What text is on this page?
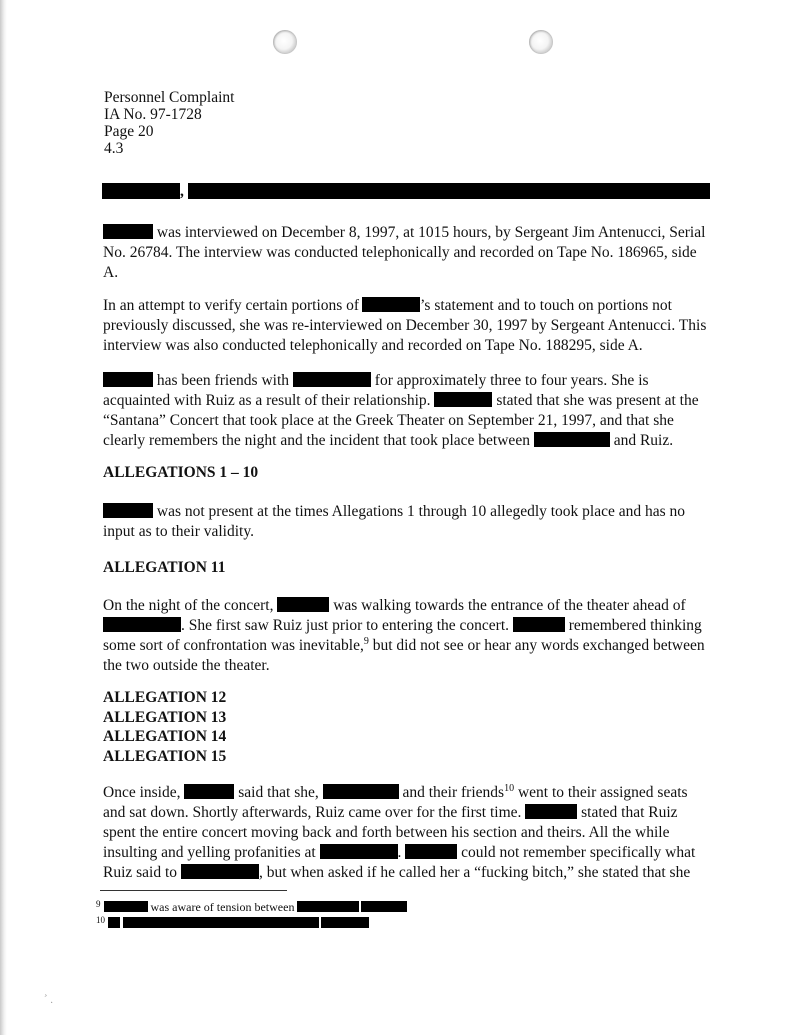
Personnel Complaint
IA No. 97-1728
Page 20
4.3
,
was interviewed on December 8, 1997, at 1015 hours, by Sergeant Jim Antenucci, Serial No. 26784. The interview was conducted telephonically and recorded on Tape No. 186965, side A.
In an attempt to verify certain portions of	’s statement and to touch on portions not previously discussed, she was re-interviewed on December 30, 1997 by Sergeant Antenucci. This interview was also conducted telephonically and recorded on Tape No. 188295, side A.
has been friends with	for approximately three to four years. She is acquainted with Ruiz as a result of their relationship.	stated that she was present at the “Santana” Concert that took place at the Greek Theater on September 21, 1997, and that she clearly remembers the night and the incident that took place between	and Ruiz.
ALLEGATIONS 1 – 10
was not present at the times Allegations 1 through 10 allegedly took place and has no input as to their validity.
ALLEGATION 11
On the night of the concert,	was walking towards the entrance of the theater ahead of . She first saw Ruiz just prior to entering the concert.	remembered thinking some sort of confrontation was inevitable,$^9$ but did not see or hear any words exchanged between the two outside the theater.
ALLEGATION 12
ALLEGATION 13
ALLEGATION 14
ALLEGATION 15
Once inside,	said that she,	and their friends$^{10}$ went to their assigned seats and sat down. Shortly afterwards, Ruiz came over for the first time.	stated that Ruiz spent the entire concert moving back and forth between his section and theirs. All the while insulting and yelling profanities at	.	could not remember specifically what Ruiz said to	, but when asked if he called her a “fucking bitch,” she stated that she
$^9$	was aware of tension between
$^{10}$
¸
·
